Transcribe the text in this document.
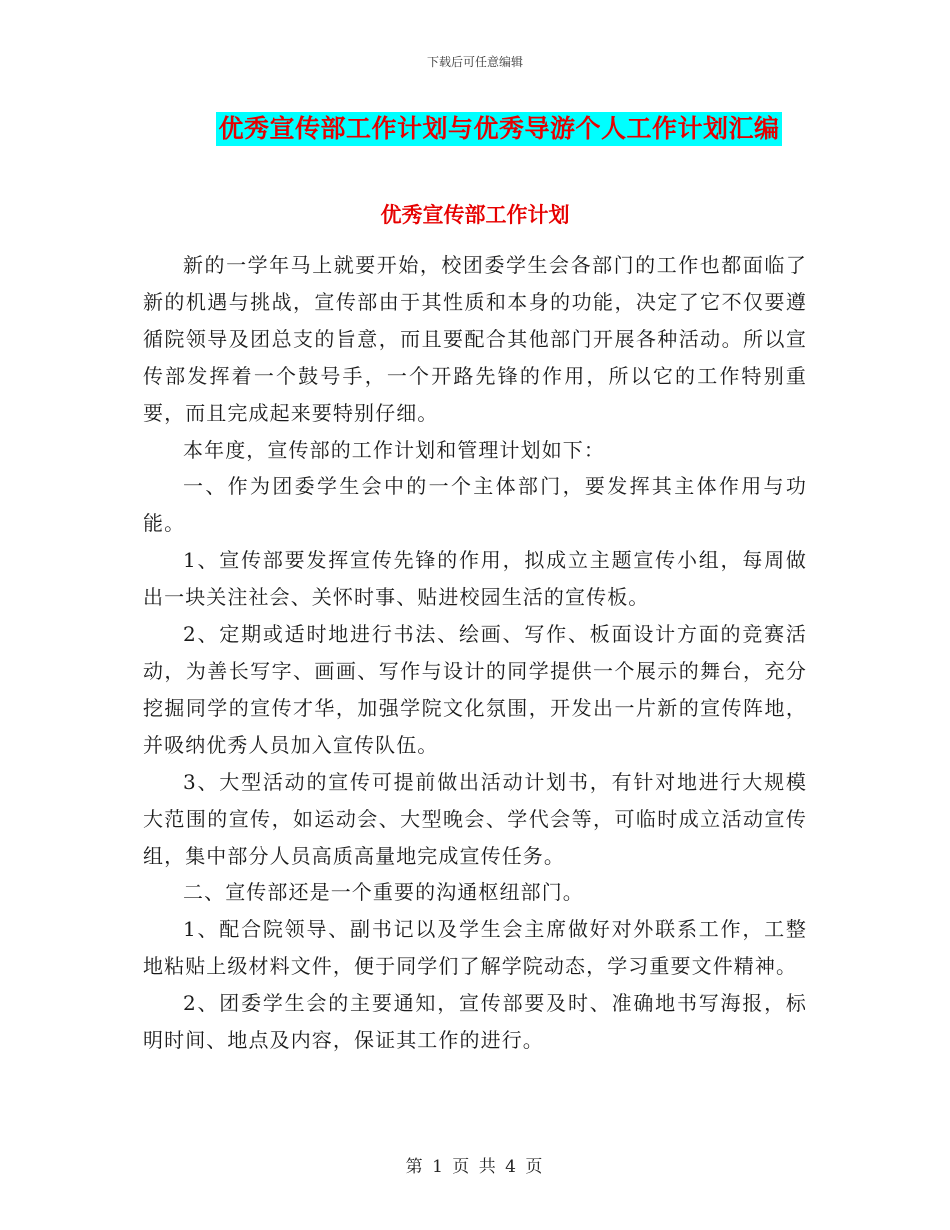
下载后可任意编辑
优秀宣传部工作计划与优秀导游个人工作计划汇编
优秀宣传部工作计划

新的一学年马上就要开始，校团委学生会各部门的工作也都面临了新的机遇与挑战，宣传部由于其性质和本身的功能，决定了它不仅要遵循院领导及团总支的旨意，而且要配合其他部门开展各种活动。所以宣传部发挥着一个鼓号手，一个开路先锋的作用，所以它的工作特别重要，而且完成起来要特别仔细。

本年度，宣传部的工作计划和管理计划如下：

一、作为团委学生会中的一个主体部门，要发挥其主体作用与功能。

1、宣传部要发挥宣传先锋的作用，拟成立主题宣传小组，每周做出一块关注社会、关怀时事、贴进校园生活的宣传板。

2、定期或适时地进行书法、绘画、写作、板面设计方面的竞赛活动，为善长写字、画画、写作与设计的同学提供一个展示的舞台，充分挖掘同学的宣传才华，加强学院文化氛围，开发出一片新的宣传阵地，并吸纳优秀人员加入宣传队伍。

3、大型活动的宣传可提前做出活动计划书，有针对地进行大规模大范围的宣传，如运动会、大型晚会、学代会等，可临时成立活动宣传组，集中部分人员高质高量地完成宣传任务。

二、宣传部还是一个重要的沟通枢纽部门。

1、配合院领导、副书记以及学生会主席做好对外联系工作，工整地粘贴上级材料文件，便于同学们了解学院动态，学习重要文件精神。

2、团委学生会的主要通知，宣传部要及时、准确地书写海报，标明时间、地点及内容，保证其工作的进行。

第 1 页 共 4 页
